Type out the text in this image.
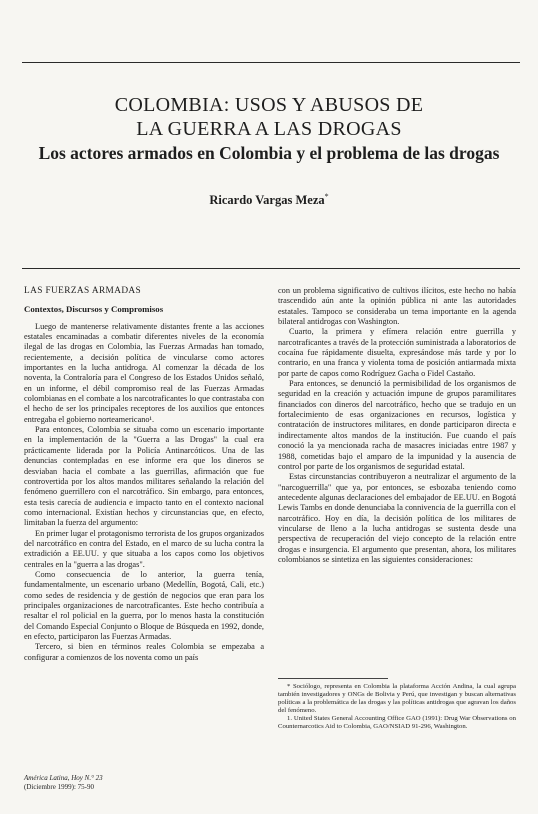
COLOMBIA: USOS Y ABUSOS DE
LA GUERRA A LAS DROGAS
Los actores armados en Colombia y el problema de las drogas
Ricardo Vargas Meza*
LAS FUERZAS ARMADAS
Contextos, Discursos y Compromisos

Luego de mantenerse relativamente distantes frente a las acciones estatales encaminadas a combatir diferentes niveles de la economía ilegal de las drogas en Colombia, las Fuerzas Armadas han tomado, recientemente, a decisión política de vincularse como actores importantes en la lucha antidroga. Al comenzar la década de los noventa, la Contraloría para el Congreso de los Estados Unidos señaló, en un informe, el débil compromiso real de las Fuerzas Armadas colombianas en el combate a los narcotraficantes lo que contrastaba con el hecho de ser los principales receptores de los auxilios que entonces entregaba el gobierno norteamericano¹.

Para entonces, Colombia se situaba como un escenario importante en la implementación de la "Guerra a las Drogas" la cual era prácticamente liderada por la Policía Antinarcóticos. Una de las denuncias contempladas en ese informe era que los dineros se desviaban hacia el combate a las guerrillas, afirmación que fue controvertida por los altos mandos militares señalando la relación del fenómeno guerrillero con el narcotráfico. Sin embargo, para entonces, esta tesis carecía de audiencia e impacto tanto en el contexto nacional como internacional. Existían hechos y circunstancias que, en efecto, limitaban la fuerza del argumento:

En primer lugar el protagonismo terrorista de los grupos organizados del narcotráfico en contra del Estado, en el marco de su lucha contra la extradición a EE.UU. y que situaba a los capos como los objetivos centrales en la "guerra a las drogas".

Como consecuencia de lo anterior, la guerra tenía, fundamentalmente, un escenario urbano (Medellín, Bogotá, Cali, etc.) como sedes de residencia y de gestión de negocios que eran para los principales organizaciones de narcotraficantes. Este hecho contribuía a resaltar el rol policial en la guerra, por lo menos hasta la constitución del Comando Especial Conjunto o Bloque de Búsqueda en 1992, donde, en efecto, participaron las Fuerzas Armadas.

Tercero, si bien en términos reales Colombia se empezaba a configurar a comienzos de los noventa como un país

con un problema significativo de cultivos ilícitos, este hecho no había trascendido aún ante la opinión pública ni ante las autoridades estatales. Tampoco se consideraba un tema importante en la agenda bilateral antidrogas con Washington.

Cuarto, la primera y efímera relación entre guerrilla y narcotraficantes a través de la protección suministrada a laboratorios de cocaína fue rápidamente disuelta, expresándose más tarde y por lo contrario, en una franca y violenta toma de posición antiarmada mixta por parte de capos como Rodríguez Gacha o Fidel Castaño.

Para entonces, se denunció la permisibilidad de los organismos de seguridad en la creación y actuación impune de grupos paramilitares financiados con dineros del narcotráfico, hecho que se tradujo en un fortalecimiento de esas organizaciones en recursos, logística y contratación de instructores militares, en donde participaron directa e indirectamente altos mandos de la institución. Fue cuando el país conoció la ya mencionada racha de masacres iniciadas entre 1987 y 1988, cometidas bajo el amparo de la impunidad y la ausencia de control por parte de los organismos de seguridad estatal.

Estas circunstancias contribuyeron a neutralizar el argumento de la "narcoguerrilla" que ya, por entonces, se esbozaba teniendo como antecedente algunas declaraciones del embajador de EE.UU. en Bogotá Lewis Tambs en donde denunciaba la connivencia de la guerrilla con el narcotráfico. Hoy en día, la decisión política de los militares de vincularse de lleno a la lucha antidrogas se sustenta desde una perspectiva de recuperación del viejo concepto de la relación entre drogas e insurgencia. El argumento que presentan, ahora, los militares colombianos se sintetiza en las siguientes consideraciones:

* Sociólogo, representa en Colombia la plataforma Acción Andina, la cual agrupa también investigadores y ONGs de Bolivia y Perú, que investigan y buscan alternativas políticas a la problemática de las drogas y las políticas antidrogas que agravan los daños del fenómeno.

1. United States General Accounting Office GAO (1991): Drug War Observations on Counternarcotics Aid to Colombia, GAO/NSIAD 91-296, Washington.

América Latina, Hoy N.° 23
(Diciembre 1999): 75-90
